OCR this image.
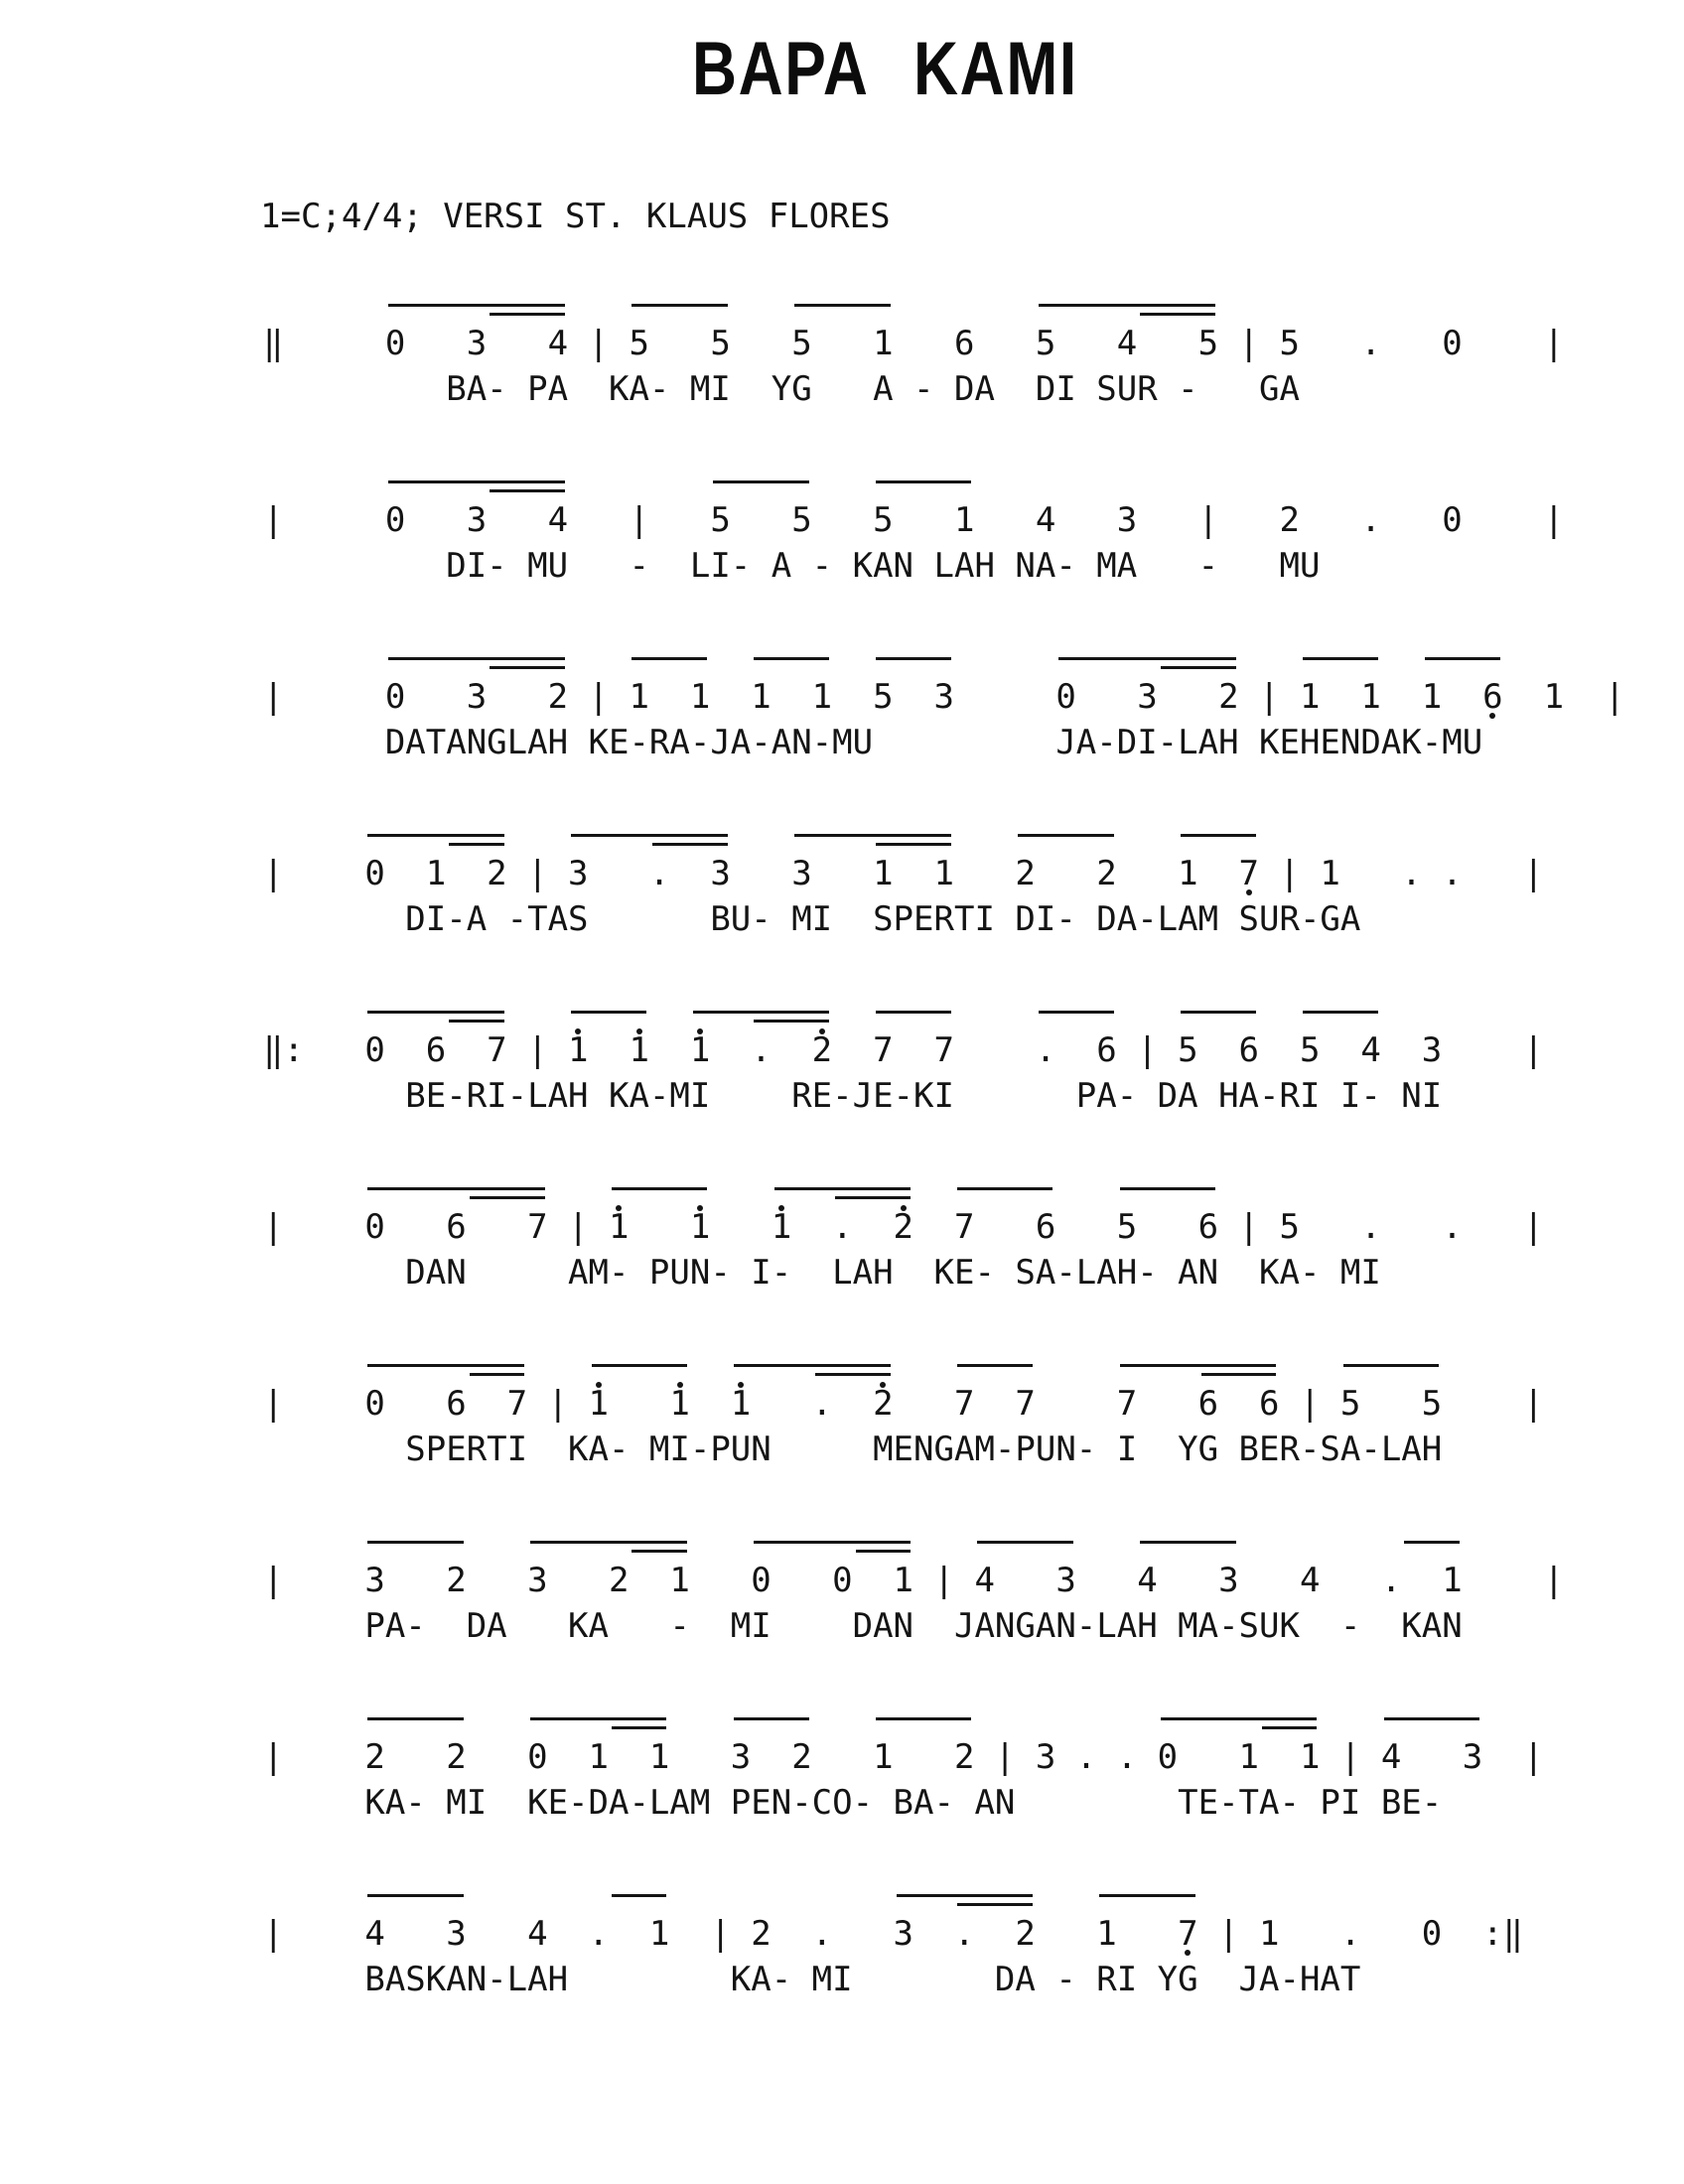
BAPA KAMI
1=C;4/4; VERSI ST. KLAUS FLORES
‖     0   3   4 | 5   5   5   1   6   5   4   5 | 5   .   0    |
BA- PA  KA- MI  YG   A - DA  DI SUR -   GA
|     0   3   4   |   5   5   5   1   4   3   |   2   .   0    |
DI- MU   -  LI- A - KAN LAH NA- MA   -   MU
|     0   3   2 | 1  1  1  1  5  3     0   3   2 | 1  1  1  6  1  |
DATANGLAH KE-RA-JA-AN-MU         JA-DI-LAH KEHENDAK-MU
|    0  1  2 | 3   .  3   3   1  1   2   2   1  7 | 1   . .   |
DI-A -TAS      BU- MI  SPERTI DI- DA-LAM SUR-GA
‖:   0  6  7 | 1  1  1  .  2  7  7    .  6 | 5  6  5  4  3    |
BE-RI-LAH KA-MI    RE-JE-KI      PA- DA HA-RI I- NI
|    0   6   7 | 1   1   1  .  2  7   6   5   6 | 5   .   .   |
DAN     AM- PUN- I-  LAH  KE- SA-LAH- AN  KA- MI
|    0   6  7 | 1   1  1   .  2   7  7    7   6  6 | 5   5    |
SPERTI  KA- MI-PUN     MENGAM-PUN- I  YG BER-SA-LAH
|    3   2   3   2  1   0   0  1 | 4   3   4   3   4   .  1    |
PA-  DA   KA   -  MI    DAN  JANGAN-LAH MA-SUK  -  KAN
|    2   2   0  1  1   3  2   1   2 | 3 . . 0   1  1 | 4   3  |
KA- MI  KE-DA-LAM PEN-CO- BA- AN        TE-TA- PI BE-
|    4   3   4  .  1  | 2  .   3  .  2   1   7 | 1   .   0  :‖
BASKAN-LAH        KA- MI       DA - RI YG  JA-HAT
